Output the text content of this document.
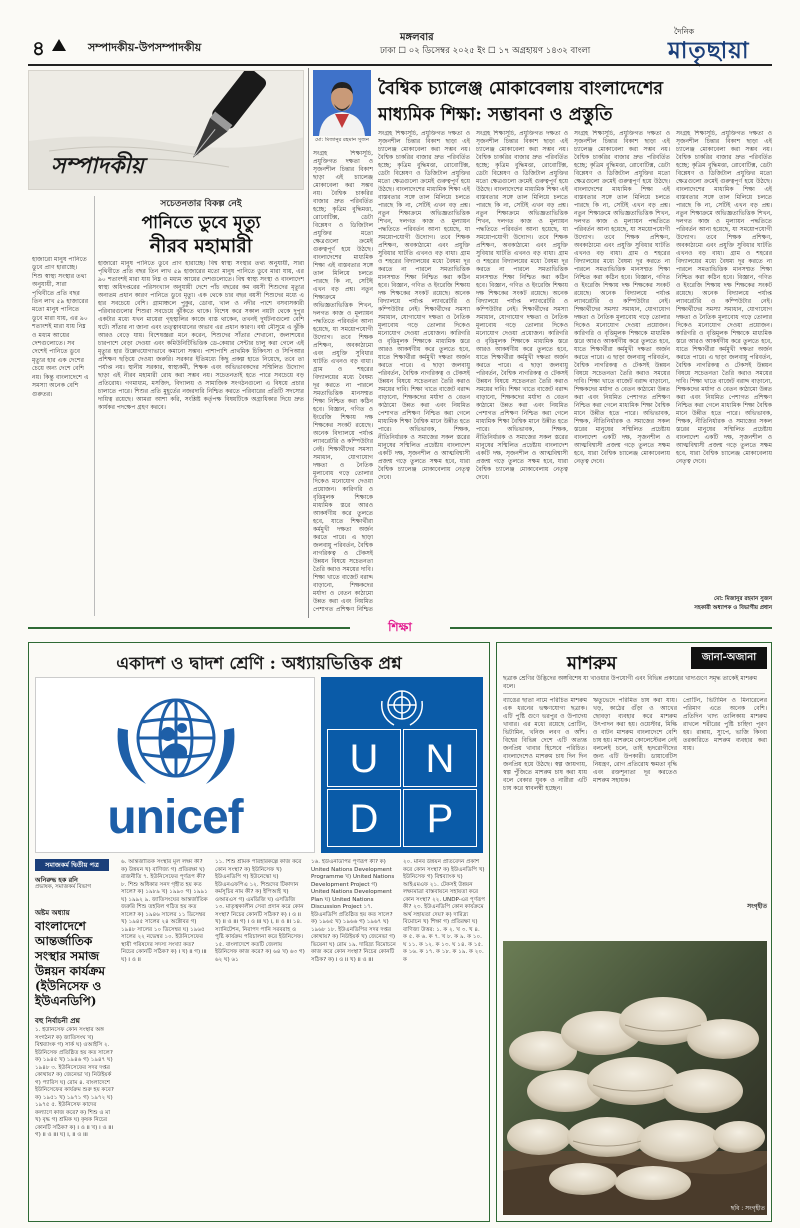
৪	সম্পাদকীয়-উপসম্পাদকীয়
মঙ্গলবার
ঢাকা ☐ ০২ ডিসেম্বর ২০২৫ ইং ☐ ১৭ অগ্রহায়ণ ১৪৩২ বাংলা
দৈনিক
মাতৃছায়া
সম্পাদকীয়
হাজারো মানুষ পানিতে ডুবে প্রাণ হারাচ্ছে। শিশু স্বাস্থ্য সংস্থার তথ্য অনুযায়ী, সারা পৃথিবীতে প্রতি বছর তিন লাখ ৫৯ হাজারের মতো মানুষ পানিতে ডুবে মারা যায়, এর ৯০ শতাংশই মারা যায় নিম্ন ও মধ্যম আয়ের দেশগুলোতে। সব দেশেই পানিতে ডুবে মৃত্যুর হার এক দেশের চেয়ে অন্য দেশে বেশি নয়। কিন্তু বাংলাদেশে এ সমস্যা অনেক বেশি গুরুতর।
সচেতনতার বিকল্প নেই
পানিতে ডুবে মৃত্যু
নীরব মহামারী
হাজারো মানুষ পানিতে ডুবে প্রাণ হারাচ্ছে। বিশ্ব স্বাস্থ্য সংস্থার তথ্য অনুযায়ী, সারা পৃথিবীতে প্রতি বছর তিন লাখ ৫৯ হাজারের মতো মানুষ পানিতে ডুবে মারা যায়, এর ৯০ শতাংশই মারা যায় নিম্ন ও মধ্যম আয়ের দেশগুলোতে। বিশ্ব স্বাস্থ্য সংস্থা ও বাংলাদেশ স্বাস্থ্য অধিদপ্তরের পরিসংখ্যান অনুযায়ী দেশে পাঁচ বছরের কম বয়সী শিশুদের মৃত্যুর অন্যতম প্রধান কারণ পানিতে ডুবে মৃত্যু। এক থেকে চার বছর বয়সী শিশুদের মধ্যে এ হার সবচেয়ে বেশি। গ্রামাঞ্চলে পুকুর, ডোবা, খাল ও নদীর পাশে বসবাসকারী পরিবারগুলোর শিশুরা সবচেয়ে ঝুঁকিতে থাকে। বিশেষ করে সকাল নয়টা থেকে দুপুর একটার মধ্যে যখন মায়েরা গৃহস্থালির কাজে ব্যস্ত থাকেন, তখনই দুর্ঘটনাগুলো বেশি ঘটে। সাঁতার না জানা এবং তত্ত্বাবধানের অভাব এর প্রধান কারণ। বর্ষা মৌসুমে এ ঝুঁকি আরও বেড়ে যায়। বিশেষজ্ঞরা মনে করেন, শিশুদের সাঁতার শেখানো, জলাশয়ের চারপাশে বেড়া দেওয়া এবং কমিউনিটিভিত্তিক ডে-কেয়ার সেন্টার চালু করা গেলে এই মৃত্যুর হার উল্লেখযোগ্যভাবে কমানো সম্ভব। পাশাপাশি প্রাথমিক চিকিৎসা ও সিপিআর প্রশিক্ষণ ছড়িয়ে দেওয়া জরুরি। সরকার ইতিমধ্যে কিছু প্রকল্প হাতে নিয়েছে, তবে তা পর্যাপ্ত নয়। স্থানীয় সরকার, স্বাস্থ্যকর্মী, শিক্ষক এবং অভিভাবকদের সম্মিলিত উদ্যোগ ছাড়া এই নীরব মহামারী রোধ করা সম্ভব নয়। সচেতনতাই হতে পারে সবচেয়ে বড় প্রতিরোধ। গণমাধ্যম, মসজিদ, বিদ্যালয় ও সামাজিক সংগঠনগুলো এ বিষয়ে প্রচার চালাতে পারে। শিশুর প্রতি মুহূর্তের নজরদারি নিশ্চিত করতে পরিবারের প্রতিটি সদস্যের দায়িত্ব রয়েছে। আমরা আশা করি, সংশ্লিষ্ট কর্তৃপক্ষ বিষয়টিকে অগ্রাধিকার দিয়ে দ্রুত কার্যকর পদক্ষেপ গ্রহণ করবে।
মো: মিজানুর রহমান সুজন
বৈশ্বিক চ্যালেঞ্জ মোকাবেলায় বাংলাদেশের
মাধ্যমিক শিক্ষা: সম্ভাবনা ও প্রস্তুতি
সংগ্রহ শিক্ষাসূচি, প্রযুক্তিগত দক্ষতা ও সৃজনশীল চিন্তার বিকাশ ছাড়া এই চ্যালেঞ্জ মোকাবেলা করা সম্ভব নয়। বৈশ্বিক চাকরির বাজার দ্রুত পরিবর্তিত হচ্ছে; কৃত্রিম বুদ্ধিমত্তা, রোবোটিক্স, ডেটা বিশ্লেষণ ও ডিজিটাল প্রযুক্তির মতো ক্ষেত্রগুলো ক্রমেই গুরুত্বপূর্ণ হয়ে উঠছে। বাংলাদেশের মাধ্যমিক শিক্ষা এই বাস্তবতার সঙ্গে তাল মিলিয়ে চলতে পারছে কি না, সেটিই এখন বড় প্রশ্ন। নতুন শিক্ষাক্রমে অভিজ্ঞতাভিত্তিক শিখন, দলগত কাজ ও মূল্যায়ন পদ্ধতিতে পরিবর্তন আনা হয়েছে, যা সময়োপযোগী উদ্যোগ। তবে শিক্ষক প্রশিক্ষণ, অবকাঠামো এবং প্রযুক্তি সুবিধার ঘাটতি এখনও বড় বাধা। গ্রাম ও শহরের বিদ্যালয়ের মধ্যে বৈষম্য দূর করতে না পারলে সমতাভিত্তিক মানসম্মত শিক্ষা নিশ্চিত করা কঠিন হবে। বিজ্ঞান, গণিত ও ইংরেজি শিক্ষায় দক্ষ শিক্ষকের সংকট রয়েছে। অনেক বিদ্যালয়ে পর্যাপ্ত ল্যাবরেটরি ও কম্পিউটার নেই। শিক্ষার্থীদের সমস্যা সমাধান, যোগাযোগ দক্ষতা ও নৈতিক মূল্যবোধ গড়ে তোলার দিকেও মনোযোগ দেওয়া প্রয়োজন। কারিগরি ও বৃত্তিমূলক শিক্ষাকে মাধ্যমিক স্তরে আরও আকর্ষণীয় করে তুলতে হবে, যাতে শিক্ষার্থীরা কর্মমুখী দক্ষতা অর্জন করতে পারে। এ ছাড়া জলবায়ু পরিবর্তন, বৈশ্বিক নাগরিকত্ব ও টেকসই উন্নয়ন বিষয়ে সচেতনতা তৈরি করাও সময়ের দাবি। শিক্ষা খাতে বাজেট বরাদ্দ বাড়ানো, শিক্ষকদের মর্যাদা ও বেতন কাঠামো উন্নত করা এবং নিয়মিত পেশাগত প্রশিক্ষণ নিশ্চিত করা গেলে মাধ্যমিক শিক্ষা বৈশ্বিক মানে উন্নীত হতে পারে। অভিভাবক, শিক্ষক, নীতিনির্ধারক ও সমাজের সকল স্তরের মানুষের সম্মিলিত প্রচেষ্টায় বাংলাদেশ একটি দক্ষ, সৃজনশীল ও আত্মবিশ্বাসী প্রজন্ম গড়ে তুলতে সক্ষম হবে, যারা বৈশ্বিক চ্যালেঞ্জ মোকাবেলায় নেতৃত্ব দেবে।
সংগ্রহ শিক্ষাসূচি, প্রযুক্তিগত দক্ষতা ও সৃজনশীল চিন্তার বিকাশ ছাড়া এই চ্যালেঞ্জ মোকাবেলা করা সম্ভব নয়। বৈশ্বিক চাকরির বাজার দ্রুত পরিবর্তিত হচ্ছে; কৃত্রিম বুদ্ধিমত্তা, রোবোটিক্স, ডেটা বিশ্লেষণ ও ডিজিটাল প্রযুক্তির মতো ক্ষেত্রগুলো ক্রমেই গুরুত্বপূর্ণ হয়ে উঠছে। বাংলাদেশের মাধ্যমিক শিক্ষা এই বাস্তবতার সঙ্গে তাল মিলিয়ে চলতে পারছে কি না, সেটিই এখন বড় প্রশ্ন। নতুন শিক্ষাক্রমে অভিজ্ঞতাভিত্তিক শিখন, দলগত কাজ ও মূল্যায়ন পদ্ধতিতে পরিবর্তন আনা হয়েছে, যা সময়োপযোগী উদ্যোগ। তবে শিক্ষক প্রশিক্ষণ, অবকাঠামো এবং প্রযুক্তি সুবিধার ঘাটতি এখনও বড় বাধা। গ্রাম ও শহরের বিদ্যালয়ের মধ্যে বৈষম্য দূর করতে না পারলে সমতাভিত্তিক মানসম্মত শিক্ষা নিশ্চিত করা কঠিন হবে। বিজ্ঞান, গণিত ও ইংরেজি শিক্ষায় দক্ষ শিক্ষকের সংকট রয়েছে। অনেক বিদ্যালয়ে পর্যাপ্ত ল্যাবরেটরি ও কম্পিউটার নেই। শিক্ষার্থীদের সমস্যা সমাধান, যোগাযোগ দক্ষতা ও নৈতিক মূল্যবোধ গড়ে তোলার দিকেও মনোযোগ দেওয়া প্রয়োজন। কারিগরি ও বৃত্তিমূলক শিক্ষাকে মাধ্যমিক স্তরে আরও আকর্ষণীয় করে তুলতে হবে, যাতে শিক্ষার্থীরা কর্মমুখী দক্ষতা অর্জন করতে পারে। এ ছাড়া জলবায়ু পরিবর্তন, বৈশ্বিক নাগরিকত্ব ও টেকসই উন্নয়ন বিষয়ে সচেতনতা তৈরি করাও সময়ের দাবি। শিক্ষা খাতে বাজেট বরাদ্দ বাড়ানো, শিক্ষকদের মর্যাদা ও বেতন কাঠামো উন্নত করা এবং নিয়মিত পেশাগত প্রশিক্ষণ নিশ্চিত করা গেলে মাধ্যমিক শিক্ষা বৈশ্বিক মানে উন্নীত হতে পারে। অভিভাবক, শিক্ষক, নীতিনির্ধারক ও সমাজের সকল স্তরের মানুষের সম্মিলিত প্রচেষ্টায় বাংলাদেশ একটি দক্ষ, সৃজনশীল ও আত্মবিশ্বাসী প্রজন্ম গড়ে তুলতে সক্ষম হবে, যারা বৈশ্বিক চ্যালেঞ্জ মোকাবেলায় নেতৃত্ব দেবে।
সংগ্রহ শিক্ষাসূচি, প্রযুক্তিগত দক্ষতা ও সৃজনশীল চিন্তার বিকাশ ছাড়া এই চ্যালেঞ্জ মোকাবেলা করা সম্ভব নয়। বৈশ্বিক চাকরির বাজার দ্রুত পরিবর্তিত হচ্ছে; কৃত্রিম বুদ্ধিমত্তা, রোবোটিক্স, ডেটা বিশ্লেষণ ও ডিজিটাল প্রযুক্তির মতো ক্ষেত্রগুলো ক্রমেই গুরুত্বপূর্ণ হয়ে উঠছে। বাংলাদেশের মাধ্যমিক শিক্ষা এই বাস্তবতার সঙ্গে তাল মিলিয়ে চলতে পারছে কি না, সেটিই এখন বড় প্রশ্ন। নতুন শিক্ষাক্রমে অভিজ্ঞতাভিত্তিক শিখন, দলগত কাজ ও মূল্যায়ন পদ্ধতিতে পরিবর্তন আনা হয়েছে, যা সময়োপযোগী উদ্যোগ। তবে শিক্ষক প্রশিক্ষণ, অবকাঠামো এবং প্রযুক্তি সুবিধার ঘাটতি এখনও বড় বাধা। গ্রাম ও শহরের বিদ্যালয়ের মধ্যে বৈষম্য দূর করতে না পারলে সমতাভিত্তিক মানসম্মত শিক্ষা নিশ্চিত করা কঠিন হবে। বিজ্ঞান, গণিত ও ইংরেজি শিক্ষায় দক্ষ শিক্ষকের সংকট রয়েছে। অনেক বিদ্যালয়ে পর্যাপ্ত ল্যাবরেটরি ও কম্পিউটার নেই। শিক্ষার্থীদের সমস্যা সমাধান, যোগাযোগ দক্ষতা ও নৈতিক মূল্যবোধ গড়ে তোলার দিকেও মনোযোগ দেওয়া প্রয়োজন। কারিগরি ও বৃত্তিমূলক শিক্ষাকে মাধ্যমিক স্তরে আরও আকর্ষণীয় করে তুলতে হবে, যাতে শিক্ষার্থীরা কর্মমুখী দক্ষতা অর্জন করতে পারে। এ ছাড়া জলবায়ু পরিবর্তন, বৈশ্বিক নাগরিকত্ব ও টেকসই উন্নয়ন বিষয়ে সচেতনতা তৈরি করাও সময়ের দাবি। শিক্ষা খাতে বাজেট বরাদ্দ বাড়ানো, শিক্ষকদের মর্যাদা ও বেতন কাঠামো উন্নত করা এবং নিয়মিত পেশাগত প্রশিক্ষণ নিশ্চিত করা গেলে মাধ্যমিক শিক্ষা বৈশ্বিক মানে উন্নীত হতে পারে। অভিভাবক, শিক্ষক, নীতিনির্ধারক ও সমাজের সকল স্তরের মানুষের সম্মিলিত প্রচেষ্টায় বাংলাদেশ একটি দক্ষ, সৃজনশীল ও আত্মবিশ্বাসী প্রজন্ম গড়ে তুলতে সক্ষম হবে, যারা বৈশ্বিক চ্যালেঞ্জ মোকাবেলায় নেতৃত্ব দেবে।
সংগ্রহ শিক্ষাসূচি, প্রযুক্তিগত দক্ষতা ও সৃজনশীল চিন্তার বিকাশ ছাড়া এই চ্যালেঞ্জ মোকাবেলা করা সম্ভব নয়। বৈশ্বিক চাকরির বাজার দ্রুত পরিবর্তিত হচ্ছে; কৃত্রিম বুদ্ধিমত্তা, রোবোটিক্স, ডেটা বিশ্লেষণ ও ডিজিটাল প্রযুক্তির মতো ক্ষেত্রগুলো ক্রমেই গুরুত্বপূর্ণ হয়ে উঠছে। বাংলাদেশের মাধ্যমিক শিক্ষা এই বাস্তবতার সঙ্গে তাল মিলিয়ে চলতে পারছে কি না, সেটিই এখন বড় প্রশ্ন। নতুন শিক্ষাক্রমে অভিজ্ঞতাভিত্তিক শিখন, দলগত কাজ ও মূল্যায়ন পদ্ধতিতে পরিবর্তন আনা হয়েছে, যা সময়োপযোগী উদ্যোগ। তবে শিক্ষক প্রশিক্ষণ, অবকাঠামো এবং প্রযুক্তি সুবিধার ঘাটতি এখনও বড় বাধা। গ্রাম ও শহরের বিদ্যালয়ের মধ্যে বৈষম্য দূর করতে না পারলে সমতাভিত্তিক মানসম্মত শিক্ষা নিশ্চিত করা কঠিন হবে। বিজ্ঞান, গণিত ও ইংরেজি শিক্ষায় দক্ষ শিক্ষকের সংকট রয়েছে। অনেক বিদ্যালয়ে পর্যাপ্ত ল্যাবরেটরি ও কম্পিউটার নেই। শিক্ষার্থীদের সমস্যা সমাধান, যোগাযোগ দক্ষতা ও নৈতিক মূল্যবোধ গড়ে তোলার দিকেও মনোযোগ দেওয়া প্রয়োজন। কারিগরি ও বৃত্তিমূলক শিক্ষাকে মাধ্যমিক স্তরে আরও আকর্ষণীয় করে তুলতে হবে, যাতে শিক্ষার্থীরা কর্মমুখী দক্ষতা অর্জন করতে পারে। এ ছাড়া জলবায়ু পরিবর্তন, বৈশ্বিক নাগরিকত্ব ও টেকসই উন্নয়ন বিষয়ে সচেতনতা তৈরি করাও সময়ের দাবি। শিক্ষা খাতে বাজেট বরাদ্দ বাড়ানো, শিক্ষকদের মর্যাদা ও বেতন কাঠামো উন্নত করা এবং নিয়মিত পেশাগত প্রশিক্ষণ নিশ্চিত করা গেলে মাধ্যমিক শিক্ষা বৈশ্বিক মানে উন্নীত হতে পারে। অভিভাবক, শিক্ষক, নীতিনির্ধারক ও সমাজের সকল স্তরের মানুষের সম্মিলিত প্রচেষ্টায় বাংলাদেশ একটি দক্ষ, সৃজনশীল ও আত্মবিশ্বাসী প্রজন্ম গড়ে তুলতে সক্ষম হবে, যারা বৈশ্বিক চ্যালেঞ্জ মোকাবেলায় নেতৃত্ব দেবে।
সংগ্রহ শিক্ষাসূচি, প্রযুক্তিগত দক্ষতা ও সৃজনশীল চিন্তার বিকাশ ছাড়া এই চ্যালেঞ্জ মোকাবেলা করা সম্ভব নয়। বৈশ্বিক চাকরির বাজার দ্রুত পরিবর্তিত হচ্ছে; কৃত্রিম বুদ্ধিমত্তা, রোবোটিক্স, ডেটা বিশ্লেষণ ও ডিজিটাল প্রযুক্তির মতো ক্ষেত্রগুলো ক্রমেই গুরুত্বপূর্ণ হয়ে উঠছে। বাংলাদেশের মাধ্যমিক শিক্ষা এই বাস্তবতার সঙ্গে তাল মিলিয়ে চলতে পারছে কি না, সেটিই এখন বড় প্রশ্ন। নতুন শিক্ষাক্রমে অভিজ্ঞতাভিত্তিক শিখন, দলগত কাজ ও মূল্যায়ন পদ্ধতিতে পরিবর্তন আনা হয়েছে, যা সময়োপযোগী উদ্যোগ। তবে শিক্ষক প্রশিক্ষণ, অবকাঠামো এবং প্রযুক্তি সুবিধার ঘাটতি এখনও বড় বাধা। গ্রাম ও শহরের বিদ্যালয়ের মধ্যে বৈষম্য দূর করতে না পারলে সমতাভিত্তিক মানসম্মত শিক্ষা নিশ্চিত করা কঠিন হবে। বিজ্ঞান, গণিত ও ইংরেজি শিক্ষায় দক্ষ শিক্ষকের সংকট রয়েছে। অনেক বিদ্যালয়ে পর্যাপ্ত ল্যাবরেটরি ও কম্পিউটার নেই। শিক্ষার্থীদের সমস্যা সমাধান, যোগাযোগ দক্ষতা ও নৈতিক মূল্যবোধ গড়ে তোলার দিকেও মনোযোগ দেওয়া প্রয়োজন। কারিগরি ও বৃত্তিমূলক শিক্ষাকে মাধ্যমিক স্তরে আরও আকর্ষণীয় করে তুলতে হবে, যাতে শিক্ষার্থীরা কর্মমুখী দক্ষতা অর্জন করতে পারে। এ ছাড়া জলবায়ু পরিবর্তন, বৈশ্বিক নাগরিকত্ব ও টেকসই উন্নয়ন বিষয়ে সচেতনতা তৈরি করাও সময়ের দাবি। শিক্ষা খাতে বাজেট বরাদ্দ বাড়ানো, শিক্ষকদের মর্যাদা ও বেতন কাঠামো উন্নত করা এবং নিয়মিত পেশাগত প্রশিক্ষণ নিশ্চিত
মো: মিজানুর রহমান সুজন
সহকারী অধ্যাপক ও বিভাগীয় প্রধান
শিক্ষা
একাদশ ও দ্বাদশ শ্রেণি : অধ্যায়ভিত্তিক প্রশ্ন
unicef
U	N
D	P
সমাজকর্ম দ্বিতীয় পত্র
অনিরুদ্ধ হক রনি
প্রভাষক, সমাজকর্ম বিভাগ
অষ্টম অধ্যায়
বাংলাদেশে আন্তর্জাতিক সংস্থার সমাজ উন্নয়ন কার্যক্রম (ইউনিসেফ ও ইউএনডিপি)
বহু নির্বাচনী প্রশ্ন
১. ইউনিসেফ কোন সংস্থার অঙ্গ সংগঠন? ক) জাতিসংঘ খ) বিশ্বব্যাংক গ) সার্ক ঘ) ওআইসি ২. ইউনিসেফ প্রতিষ্ঠিত হয় কত সালে? ক) ১৯৪৫ খ) ১৯৪৬ গ) ১৯৪৭ ঘ) ১৯৪৮ ৩. ইউনিসেফের সদর দপ্তর কোথায়? ক) জেনেভা খ) নিউইয়র্ক গ) প্যারিস ঘ) রোম ৪. বাংলাদেশে ইউনিসেফের কার্যক্রম শুরু হয় কবে? ক) ১৯৫১ খ) ১৯৭১ গ) ১৯৭২ ঘ) ১৯৭৫ ৫. ইউনিসেফ কাদের কল্যাণে কাজ করে? ক) শিশু ও মা খ) বৃদ্ধ গ) শ্রমিক ঘ) কৃষক নিচের কোনটি সঠিক? ক) i ও ii খ) i ও iii গ) ii ও iii ঘ) i, ii ও iii
৬. আন্তর্জাতিক সংস্থার মূল লক্ষ্য কী? ক) উন্নয়ন খ) বাণিজ্য গ) প্রতিরক্ষা ঘ) রাজনীতি ৭. ইউনিসেফের পূর্ণরূপ কী? ৮. শিশু অধিকার সনদ গৃহীত হয় কত সালে? ক) ১৯৮৯ খ) ১৯৯০ গ) ১৯৯১ ঘ) ১৯৯২ ৯. জাতিসংঘের আন্তর্জাতিক জরুরি শিশু তহবিল গঠিত হয় কত সালে? ক) ১৯৪৬ সালের ১১ ডিসেম্বর খ) ১৯৪৫ সালের ২৪ অক্টোবর গ) ১৯৪৮ সালের ১০ ডিসেম্বর ঘ) ১৯৬৫ সালের ২২ নভেম্বর ১০. ইউনিসেফের স্থায়ী পরিষদের সদস্য সংখ্যা কত? নিচের কোনটি সঠিক? ক) i খ) ii গ) iii ঘ) i ও ii
১১. শিশু শ্রমিক পরিহারকল্পে কাজ করে কোন সংস্থা? ক) ইউনিসেফ খ) ইউএনডিপি গ) ইউনেস্কো ঘ) ইউএনএফপিএ ১২. শিশুদের টিকাদান কর্মসূচির নাম কী? ক) ইপিআই খ) ওআরএস গ) এমডিজি ঘ) এসডিজি ১৩. মাতৃত্বকালীন সেবা প্রদান করে কোন সংস্থা? নিচের কোনটি সঠিক? ক) i ও ii খ) ii ও iii গ) i ও iii ঘ) i, ii ও iii ১৪. স্যানিটেশন, নিরাপদ পানি সরবরাহ ও পুষ্টি কার্যক্রম পরিচালনা করে ইউনিসেফ। ১৫. বাংলাদেশে কতটি জেলায় ইউনিসেফ কাজ করে? ক) ৬৪ খ) ৬৩ গ) ৬২ ঘ) ৬১
১৬. ইউএনডিপির পূর্ণরূপ কী? ক) United Nations Development Programme খ) United Nations Development Project গ) United Nations Development Plan ঘ) United Nations Discussion Project ১৭. ইউএনডিপি প্রতিষ্ঠিত হয় কত সালে? ক) ১৯৬৫ খ) ১৯৬৬ গ) ১৯৬৭ ঘ) ১৯৬৮ ১৮. ইউএনডিপির সদর দপ্তর কোথায়? ক) নিউইয়র্ক খ) জেনেভা গ) ভিয়েনা ঘ) রোম ১৯. দারিদ্র্য বিমোচনে কাজ করে কোন সংস্থা? নিচের কোনটি সঠিক? ক) i ও ii খ) ii ও iii
২০. মানব উন্নয়ন প্রতিবেদন প্রকাশ করে কোন সংস্থা? ক) ইউএনডিপি খ) ইউনিসেফ গ) বিশ্বব্যাংক ঘ) আইএমএফ ২১. টেকসই উন্নয়ন লক্ষ্যমাত্রা বাস্তবায়নে সহায়তা করে কোন সংস্থা? ২২. UNDP-এর পূর্ণরূপ কী? ২৩. ইউএনডিপি কোন কার্যক্রমে অর্থ সহায়তা দেয়? ক) দারিদ্র্য বিমোচন খ) শিক্ষা গ) প্রতিরক্ষা ঘ) বাণিজ্য উত্তর: ১. ক ২. খ ৩. খ ৪. ক ৫. ক ৬. ক ৭. খ ৮. ক ৯. ক ১০. ঘ ১১. ক ১২. ক ১৩. ঘ ১৪. ক ১৫. ক ১৬. ক ১৭. ক ১৮. ক ১৯. ক ২০. ক
মাশরুম	জানা-অজানা
ছত্রাক শ্রেণির উদ্ভিদের অঙ্গবিশেষ যা খাওয়ার উপযোগী এবং বিভিন্ন প্রকারের খাদ্যগুণে সমৃদ্ধ তাকেই মাশরুম বলে।
ব্যাঙের ছাতা নামে পরিচিত মাশরুম এক ধরনের ভক্ষণযোগ্য ছত্রাক। এটি পুষ্টি গুণে ভরপুর ও উপাদেয় খাবার। এর মধ্যে রয়েছে প্রোটিন, ভিটামিন, খনিজ লবণ ও আঁশ। বিশ্বের বিভিন্ন দেশে এটি অত্যন্ত জনপ্রিয় খাবার হিসেবে পরিচিত। বাংলাদেশেও মাশরুম চাষ দিন দিন জনপ্রিয় হয়ে উঠছে। স্বল্প জায়গায়, স্বল্প পুঁজিতে মাশরুম চাষ করা যায় বলে বেকার যুবক ও নারীরা এটি চাষ করে স্বাবলম্বী হচ্ছেন।
ঋতুভেদে পরিমিত চাষ করা যায়। খড়, কাঠের গুঁড়া ও আখের ছোবড়া ব্যবহার করে মাশরুম উৎপাদন করা হয়। ওয়েস্টার, মিল্কি ও বাটন মাশরুম বাংলাদেশে বেশি চাষ হয়। মাশরুমে কোলেস্টেরল নেই বললেই চলে, তাই হৃদরোগীদের জন্য এটি উপকারী। ডায়াবেটিস নিয়ন্ত্রণ, রোগ প্রতিরোধ ক্ষমতা বৃদ্ধি এবং রক্তশূন্যতা দূর করতেও মাশরুম সহায়ক।
প্রোটিন, ভিটামিন ও মিনারেলের পরিমাণ এতে অনেক বেশি। প্রতিদিন খাদ্য তালিকায় মাশরুম রাখলে শরীরের পুষ্টি চাহিদা পূরণ হয়। রান্নায়, স্যুপে, ভাজি কিংবা তরকারিতে মাশরুম ব্যবহার করা যায়।
সংগৃহীত
ছবি : সংগৃহীত
